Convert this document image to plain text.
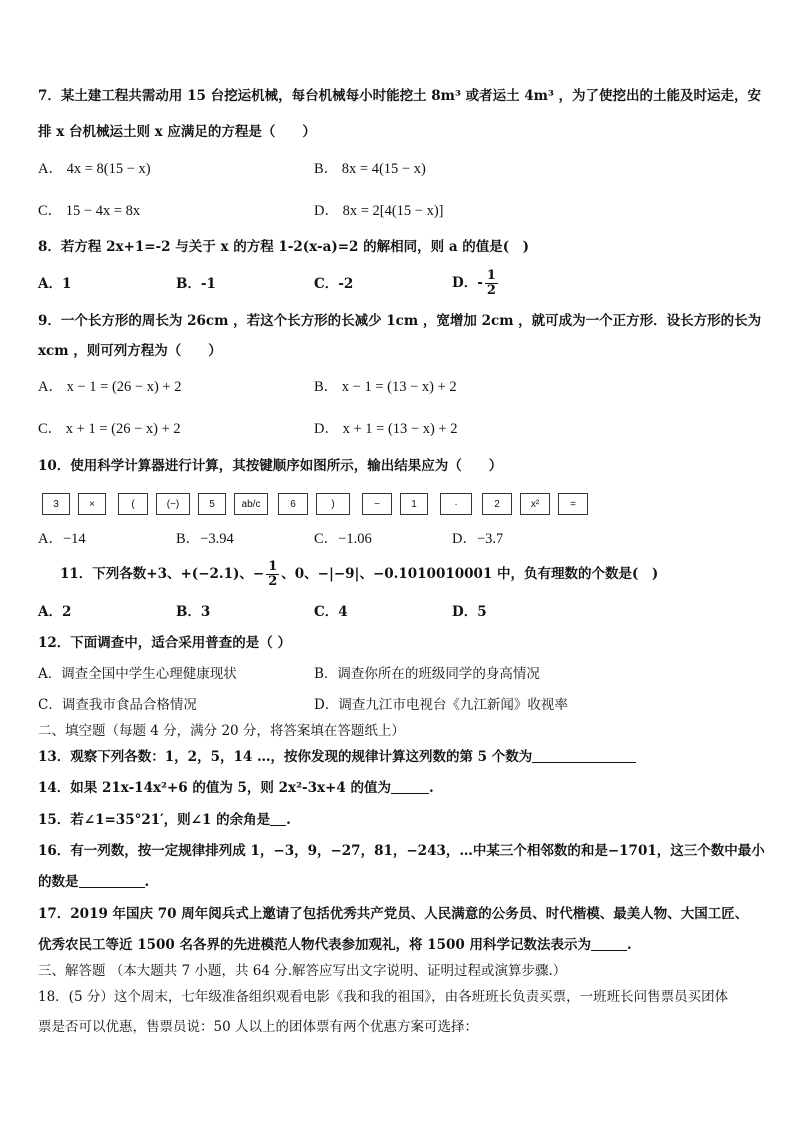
7．某土建工程共需动用 15 台挖运机械，每台机械每小时能挖土 8m³ 或者运土 4m³ ，为了使挖出的土能及时运走，安
排 x 台机械运土则 x 应满足的方程是（　　）
A． 4x = 8(15 − x)	B． 8x = 4(15 − x)
C． 15 − 4x = 8x	D． 8x = 2[4(15 − x)]
8．若方程 2x+1=-2 与关于 x 的方程 1-2(x-a)=2 的解相同，则 a 的值是(　)
A．1	B．-1	C．-2	D．- $\frac{1}{2}$
9．一个长方形的周长为 26cm ，若这个长方形的长减少 1cm ，宽增加 2cm ，就可成为一个正方形．设长方形的长为
xcm ，则可列方程为（　　）
A． x − 1 = (26 − x) + 2	B． x − 1 = (13 − x) + 2
C． x + 1 = (26 − x) + 2	D． x + 1 = (13 − x) + 2
10．使用科学计算器进行计算，其按键顺序如图所示，输出结果应为（　　）
3	×	(	(−)	5	ab/c	6	)	−	1	·	2	x²	=
A．−14	B．−3.94	C．−1.06	D．−3.7
11．下列各数+3、+(−2.1)、− $\frac{1}{2}$ 、0、−|−9|、−0.1010010001 中，负有理数的个数是(　)
A．2	B．3	C．4	D．5
12．下面调查中，适合采用普查的是（ ）
A．调查全国中学生心理健康现状	B．调查你所在的班级同学的身高情况
C．调查我市食品合格情况	D．调查九江市电视台《九江新闻》收视率
二、填空题（每题 4 分，满分 20 分，将答案填在答题纸上）
13．观察下列各数：1，2，5，14 …，按你发现的规律计算这列数的第 5 个数为
14．如果 21x-14x²+6 的值为 5，则 2x²-3x+4 的值为	.
15．若∠1=35°21′，则∠1 的余角是 .
16．有一列数，按一定规律排列成 1，−3，9，−27，81，−243，…中某三个相邻数的和是−1701，这三个数中最小
的数是	.
17．2019 年国庆 70 周年阅兵式上邀请了包括优秀共产党员、人民满意的公务员、时代楷模、最美人物、大国工匠、
优秀农民工等近 1500 名各界的先进模范人物代表参加观礼，将 1500 用科学记数法表示为	.
三、解答题 （本大题共 7 小题，共 64 分.解答应写出文字说明、证明过程或演算步骤.）
18．(5 分）这个周末，七年级准备组织观看电影《我和我的祖国》，由各班班长负责买票，一班班长问售票员买团体
票是否可以优惠，售票员说：50 人以上的团体票有两个优惠方案可选择：
